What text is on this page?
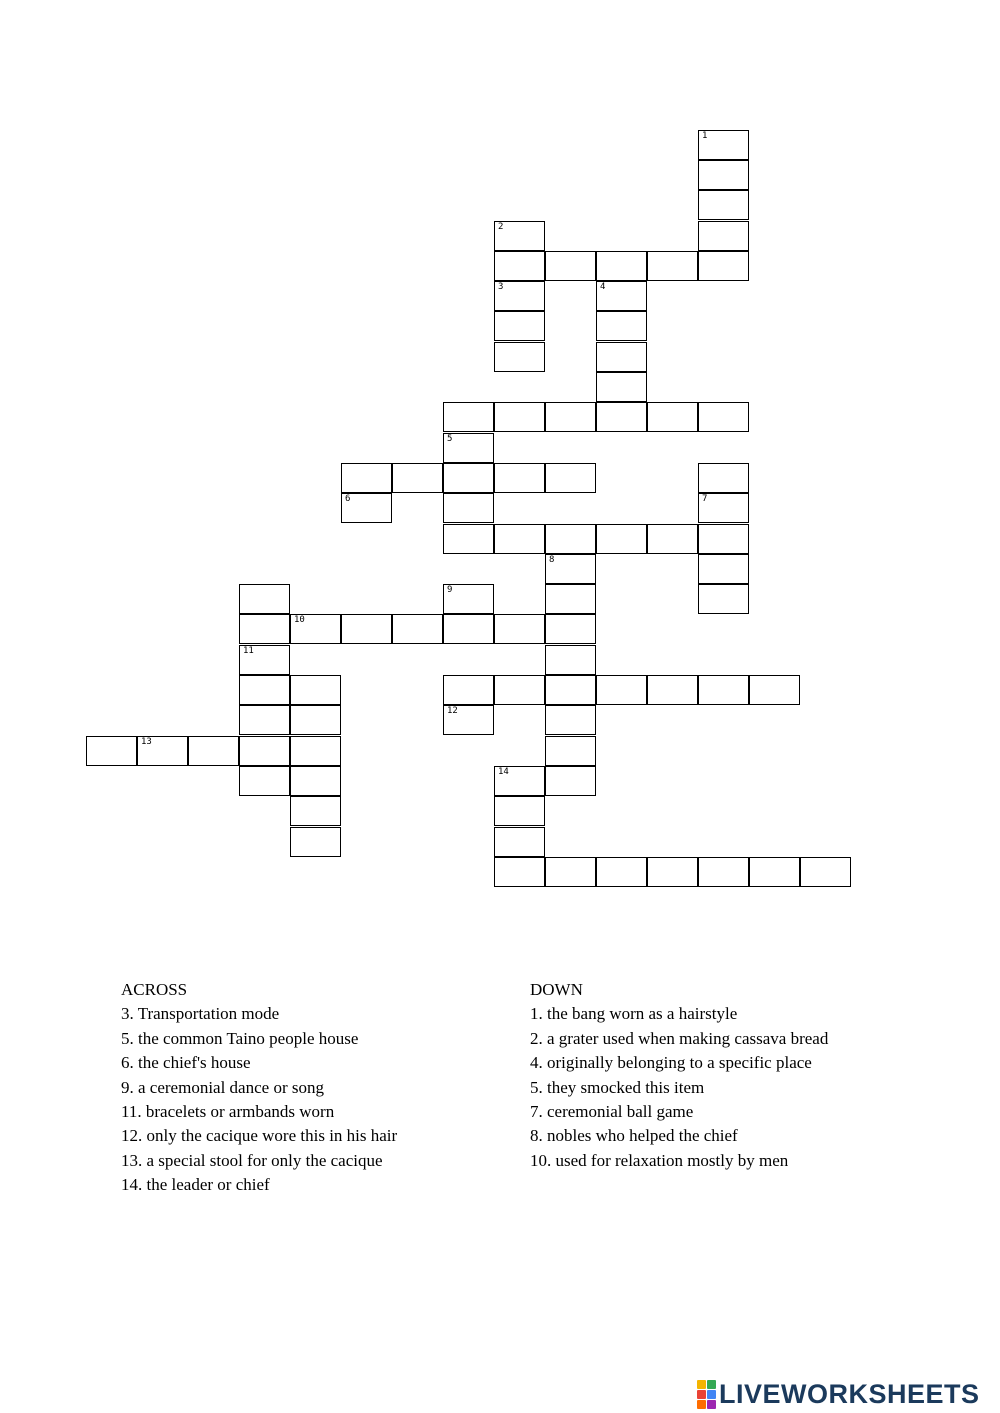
1
2
3	4
5
7
8
11
10
13
14
6
9
12
ACROSS
3. Transportation mode
5. the common Taino people house
6. the chief's house
9. a ceremonial dance or song
11. bracelets or armbands worn
12. only the cacique wore this in his hair
13. a special stool for only the cacique
14. the leader or chief
DOWN
1. the bang worn as a hairstyle
2. a grater used when making cassava bread
4. originally belonging to a specific place
5. they smocked this item
7. ceremonial ball game
8. nobles who helped the chief
10. used for relaxation mostly by men
LIVEWORKSHEETS
